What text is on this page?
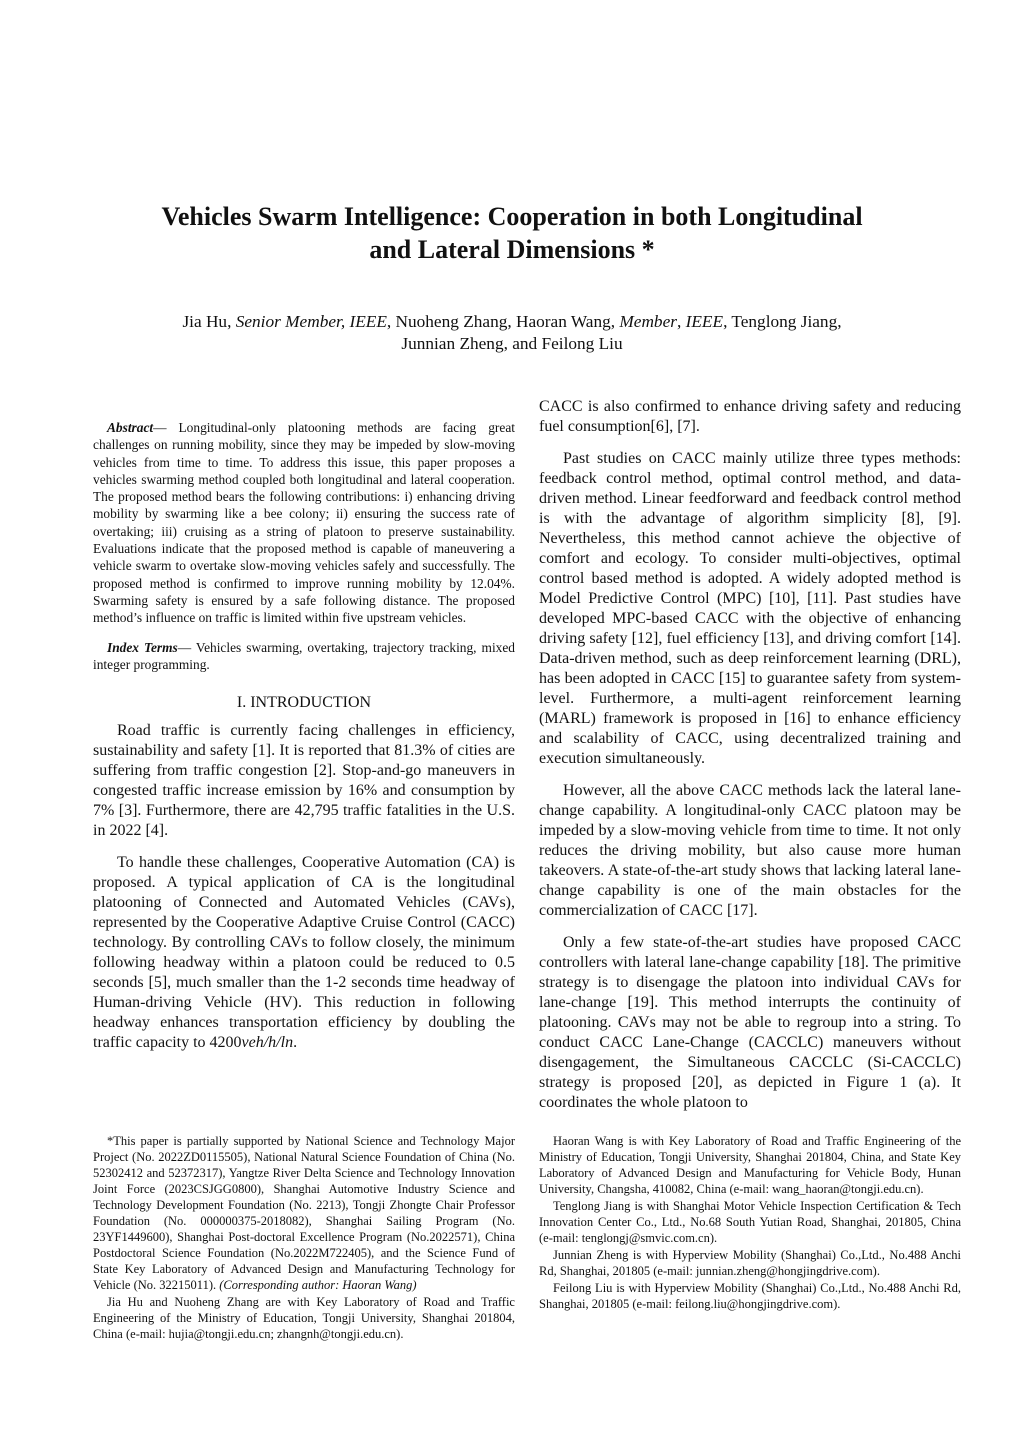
Vehicles Swarm Intelligence: Cooperation in both Longitudinal
and Lateral Dimensions *
Jia Hu, Senior Member, IEEE, Nuoheng Zhang, Haoran Wang, Member, IEEE, Tenglong Jiang,
Junnian Zheng, and Feilong Liu

Abstract— Longitudinal-only platooning methods are facing great challenges on running mobility, since they may be impeded by slow-moving vehicles from time to time. To address this issue, this paper proposes a vehicles swarming method coupled both longitudinal and lateral cooperation. The proposed method bears the following contributions: i) enhancing driving mobility by swarming like a bee colony; ii) ensuring the success rate of overtaking; iii) cruising as a string of platoon to preserve sustainability. Evaluations indicate that the proposed method is capable of maneuvering a vehicle swarm to overtake slow-moving vehicles safely and successfully. The proposed method is confirmed to improve running mobility by 12.04%. Swarming safety is ensured by a safe following distance. The proposed method’s influence on traffic is limited within five upstream vehicles.

Index Terms— Vehicles swarming, overtaking, trajectory tracking, mixed integer programming.

I. INTRODUCTION

Road traffic is currently facing challenges in efficiency, sustainability and safety [1]. It is reported that 81.3% of cities are suffering from traffic congestion [2]. Stop-and-go maneuvers in congested traffic increase emission by 16% and consumption by 7% [3]. Furthermore, there are 42,795 traffic fatalities in the U.S. in 2022 [4].

To handle these challenges, Cooperative Automation (CA) is proposed. A typical application of CA is the longitudinal platooning of Connected and Automated Vehicles (CAVs), represented by the Cooperative Adaptive Cruise Control (CACC) technology. By controlling CAVs to follow closely, the minimum following headway within a platoon could be reduced to 0.5 seconds [5], much smaller than the 1-2 seconds time headway of Human-driving Vehicle (HV). This reduction in following headway enhances transportation efficiency by doubling the traffic capacity to 4200veh/h/ln.

CACC is also confirmed to enhance driving safety and reducing fuel consumption[6], [7].

Past studies on CACC mainly utilize three types methods: feedback control method, optimal control method, and data-driven method. Linear feedforward and feedback control method is with the advantage of algorithm simplicity [8], [9]. Nevertheless, this method cannot achieve the objective of comfort and ecology. To consider multi-objectives, optimal control based method is adopted. A widely adopted method is Model Predictive Control (MPC) [10], [11]. Past studies have developed MPC-based CACC with the objective of enhancing driving safety [12], fuel efficiency [13], and driving comfort [14]. Data-driven method, such as deep reinforcement learning (DRL), has been adopted in CACC [15] to guarantee safety from system-level. Furthermore, a multi-agent reinforcement learning (MARL) framework is proposed in [16] to enhance efficiency and scalability of CACC, using decentralized training and execution simultaneously.

However, all the above CACC methods lack the lateral lane-change capability. A longitudinal-only CACC platoon may be impeded by a slow-moving vehicle from time to time. It not only reduces the driving mobility, but also cause more human takeovers. A state-of-the-art study shows that lacking lateral lane-change capability is one of the main obstacles for the commercialization of CACC [17].

Only a few state-of-the-art studies have proposed CACC controllers with lateral lane-change capability [18]. The primitive strategy is to disengage the platoon into individual CAVs for lane-change [19]. This method interrupts the continuity of platooning. CAVs may not be able to regroup into a string. To conduct CACC Lane-Change (CACCLC) maneuvers without disengagement, the Simultaneous CACCLC (Si-CACCLC) strategy is proposed [20], as depicted in Figure 1 (a). It coordinates the whole platoon to

*This paper is partially supported by National Science and Technology Major Project (No. 2022ZD0115505), National Natural Science Foundation of China (No. 52302412 and 52372317), Yangtze River Delta Science and Technology Innovation Joint Force (2023CSJGG0800), Shanghai Automotive Industry Science and Technology Development Foundation (No. 2213), Tongji Zhongte Chair Professor Foundation (No. 000000375-2018082), Shanghai Sailing Program (No. 23YF1449600), Shanghai Post-doctoral Excellence Program (No.2022571), China Postdoctoral Science Foundation (No.2022M722405), and the Science Fund of State Key Laboratory of Advanced Design and Manufacturing Technology for Vehicle (No. 32215011). (Corresponding author: Haoran Wang)

Jia Hu and Nuoheng Zhang are with Key Laboratory of Road and Traffic Engineering of the Ministry of Education, Tongji University, Shanghai 201804, China (e-mail: hujia@tongji.edu.cn; zhangnh@tongji.edu.cn).

Haoran Wang is with Key Laboratory of Road and Traffic Engineering of the Ministry of Education, Tongji University, Shanghai 201804, China, and State Key Laboratory of Advanced Design and Manufacturing for Vehicle Body, Hunan University, Changsha, 410082, China (e-mail: wang_haoran@tongji.edu.cn).

Tenglong Jiang is with Shanghai Motor Vehicle Inspection Certification & Tech Innovation Center Co., Ltd., No.68 South Yutian Road, Shanghai, 201805, China (e-mail: tenglongj@smvic.com.cn).

Junnian Zheng is with Hyperview Mobility (Shanghai) Co.,Ltd., No.488 Anchi Rd, Shanghai, 201805 (e-mail: junnian.zheng@hongjingdrive.com).

Feilong Liu is with Hyperview Mobility (Shanghai) Co.,Ltd., No.488 Anchi Rd, Shanghai, 201805 (e-mail: feilong.liu@hongjingdrive.com).
